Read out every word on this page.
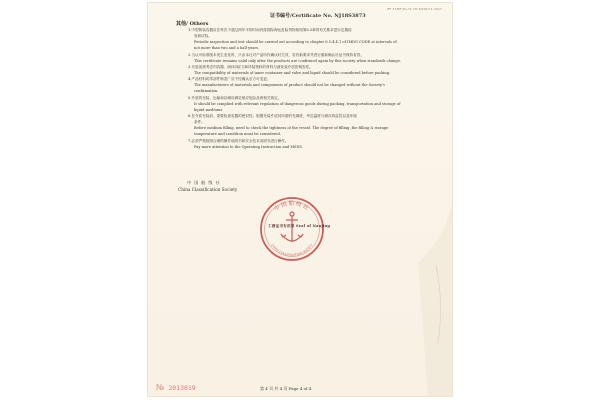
BF 37/BF No.7C CN 6/2017.1 2017
证书编号/Certificate No. NJ18S3873
其他/ Others
1.中型散装容器应在每次不超过两年半的时间内按国际海运危险货物规则第6.5章的有关要求进行定期检
验和试验。
Periodic inspection and test should be carried out according to chapter 6.5.4.4.1 of IMDG CODE at intervals of
not more than two and a half years.
2.当认可标准版本发生变化时，只由本社对产品所作确认时生效，若有新要求并进行重新确认后证书保持有效。
This certificate remains valid only after the products are confirmed again by this society when standards change.
3.充装前需考虑内容器、阀体(阀门)和所装物料的材料与液化装介质的相容性。
The compatibility of materials of inner container and valve and liquid should be considered before packing.
4.产品材料或零部件制造厂应不经确认后方可变更。
The manufacturers of materials and components of product should not be changed without the Society's
confirmation.
5.介质的充装、运输和存储应满足相应危险品的相关规定。
It should be complied with relevant regulation of dangerous goods during packing, transportation and storage of
liquid mediums.
6.在介质充装前，需要检查容器的密封性。根据充装介质其所需的充填度，考虑温度与储存的监控以及环境
条件。
Before medium filling, need to check the tightness of the vessel. The degree of filling ,the filling & storage
temperature and condition must be considered.
7.必须严格按照合理的操作说明书和安全技术说明书进行操作。
Pay more attention to the Operating Instruction and MSDS.
中 国 船 级 社
China Classification Society
中国船级社
CHINA CLASSIFICATION SOCIETY
工商证书专用章 Seal of Nanjing
№ 2013019	第 4 页 共 4 页 Page 4 of 4
